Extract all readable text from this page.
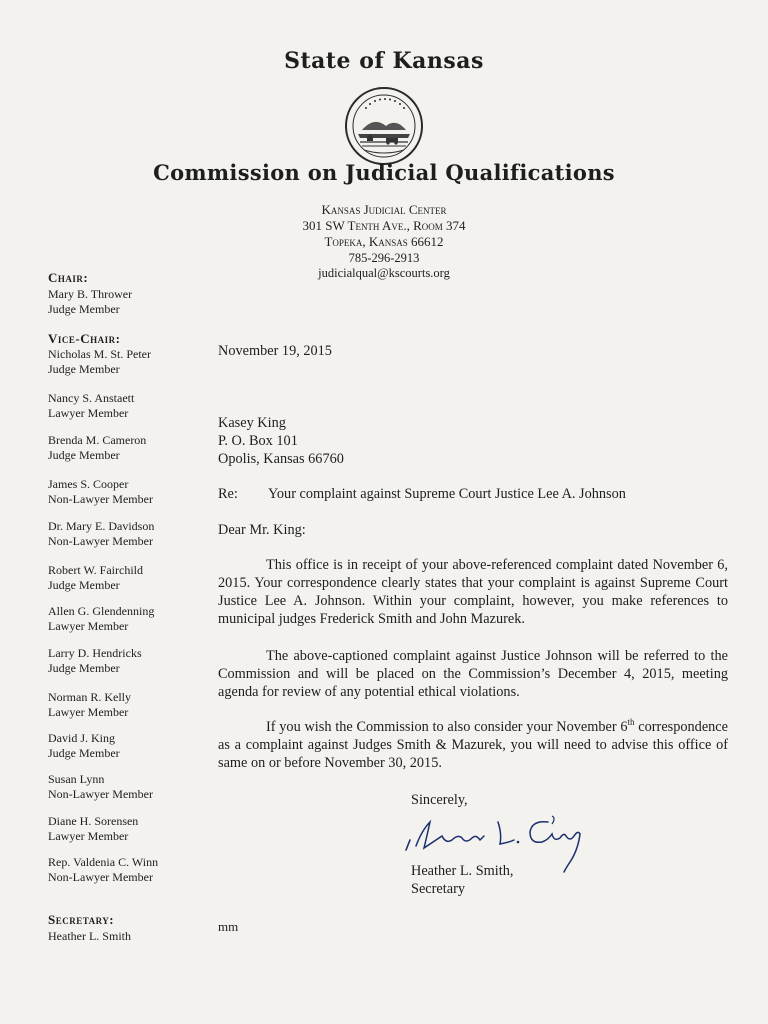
State of Kansas
Commission on Judicial Qualifications
Kansas Judicial Center
301 SW Tenth Ave., Room 374
Topeka, Kansas 66612
785-296-2913
judicialqual@kscourts.org
Chair:
Mary B. Thrower
Judge Member
Vice-Chair:
Nicholas M. St. Peter
Judge Member
Nancy S. Anstaett
Lawyer Member
Brenda M. Cameron
Judge Member
James S. Cooper
Non-Lawyer Member
Dr. Mary E. Davidson
Non-Lawyer Member
Robert W. Fairchild
Judge Member
Allen G. Glendenning
Lawyer Member
Larry D. Hendricks
Judge Member
Norman R. Kelly
Lawyer Member
David J. King
Judge Member
Susan Lynn
Non-Lawyer Member
Diane H. Sorensen
Lawyer Member
Rep. Valdenia C. Winn
Non-Lawyer Member
Secretary:
Heather L. Smith
November 19, 2015
Kasey King
P. O. Box 101
Opolis, Kansas 66760
Re:	Your complaint against Supreme Court Justice Lee A. Johnson
Dear Mr. King:
This office is in receipt of your above-referenced complaint dated November 6, 2015. Your correspondence clearly states that your complaint is against Supreme Court Justice Lee A. Johnson. Within your complaint, however, you make references to municipal judges Frederick Smith and John Mazurek.
The above-captioned complaint against Justice Johnson will be referred to the Commission and will be placed on the Commission’s December 4, 2015, meeting agenda for review of any potential ethical violations.
If you wish the Commission to also consider your November 6th correspondence as a complaint against Judges Smith & Mazurek, you will need to advise this office of same on or before November 30, 2015.
Sincerely,
Heather L. Smith,
Secretary
mm
